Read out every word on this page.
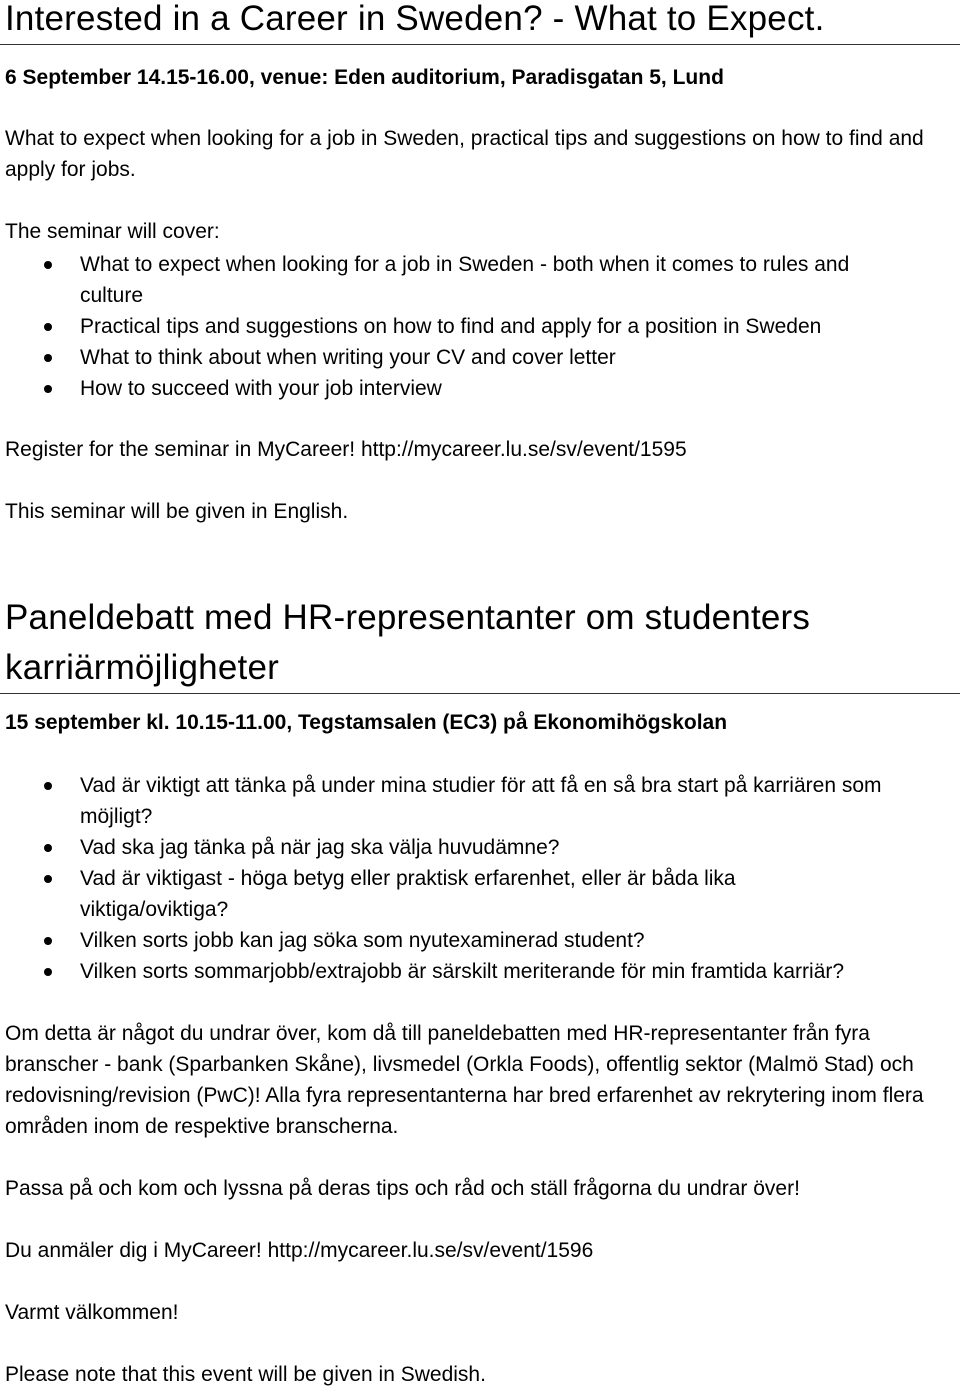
Interested in a Career in Sweden? - What to Expect.

6 September 14.15-16.00, venue: Eden auditorium, Paradisgatan 5, Lund

What to expect when looking for a job in Sweden, practical tips and suggestions on how to find and apply for jobs.

The seminar will cover:

What to expect when looking for a job in Sweden - both when it comes to rules and culture
Practical tips and suggestions on how to find and apply for a position in Sweden
What to think about when writing your CV and cover letter
How to succeed with your job interview

Register for the seminar in MyCareer! http://mycareer.lu.se/sv/event/1595

This seminar will be given in English.

Paneldebatt med HR-representanter om studenters
karriärmöjligheter

15 september kl. 10.15-11.00, Tegstamsalen (EC3) på Ekonomihögskolan

Vad är viktigt att tänka på under mina studier för att få en så bra start på karriären som möjligt?
Vad ska jag tänka på när jag ska välja huvudämne?
Vad är viktigast - höga betyg eller praktisk erfarenhet, eller är båda lika viktiga/oviktiga?
Vilken sorts jobb kan jag söka som nyutexaminerad student?
Vilken sorts sommarjobb/extrajobb är särskilt meriterande för min framtida karriär?

Om detta är något du undrar över, kom då till paneldebatten med HR-representanter från fyra branscher - bank (Sparbanken Skåne), livsmedel (Orkla Foods), offentlig sektor (Malmö Stad) och redovisning/revision (PwC)! Alla fyra representanterna har bred erfarenhet av rekrytering inom flera områden inom de respektive branscherna.

Passa på och kom och lyssna på deras tips och råd och ställ frågorna du undrar över!

Du anmäler dig i MyCareer! http://mycareer.lu.se/sv/event/1596

Varmt välkommen!

Please note that this event will be given in Swedish.
